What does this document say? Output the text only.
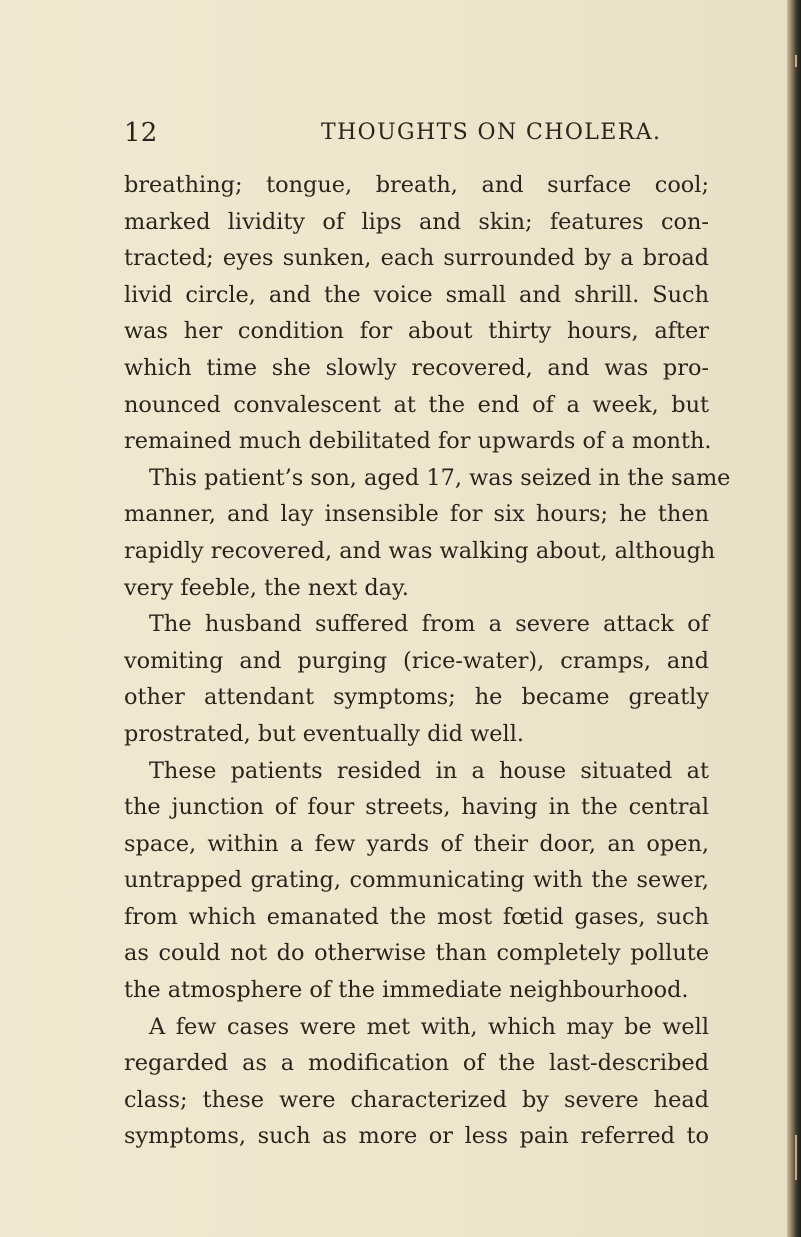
12	THOUGHTS ON CHOLERA.
breathing; tongue, breath, and surface cool;
marked lividity of lips and skin; features con-
tracted; eyes sunken, each surrounded by a broad
livid circle, and the voice small and shrill. Such
was her condition for about thirty hours, after
which time she slowly recovered, and was pro-
nounced convalescent at the end of a week, but
remained much debilitated for upwards of a month.
This patient’s son, aged 17, was seized in the same
manner, and lay insensible for six hours; he then
rapidly recovered, and was walking about, although
very feeble, the next day.
The husband suffered from a severe attack of
vomiting and purging (rice-water), cramps, and
other attendant symptoms; he became greatly
prostrated, but eventually did well.
These patients resided in a house situated at
the junction of four streets, having in the central
space, within a few yards of their door, an open,
untrapped grating, communicating with the sewer,
from which emanated the most fœtid gases, such
as could not do otherwise than completely pollute
the atmosphere of the immediate neighbourhood.
A few cases were met with, which may be well
regarded as a modification of the last-described
class; these were characterized by severe head
symptoms, such as more or less pain referred to
